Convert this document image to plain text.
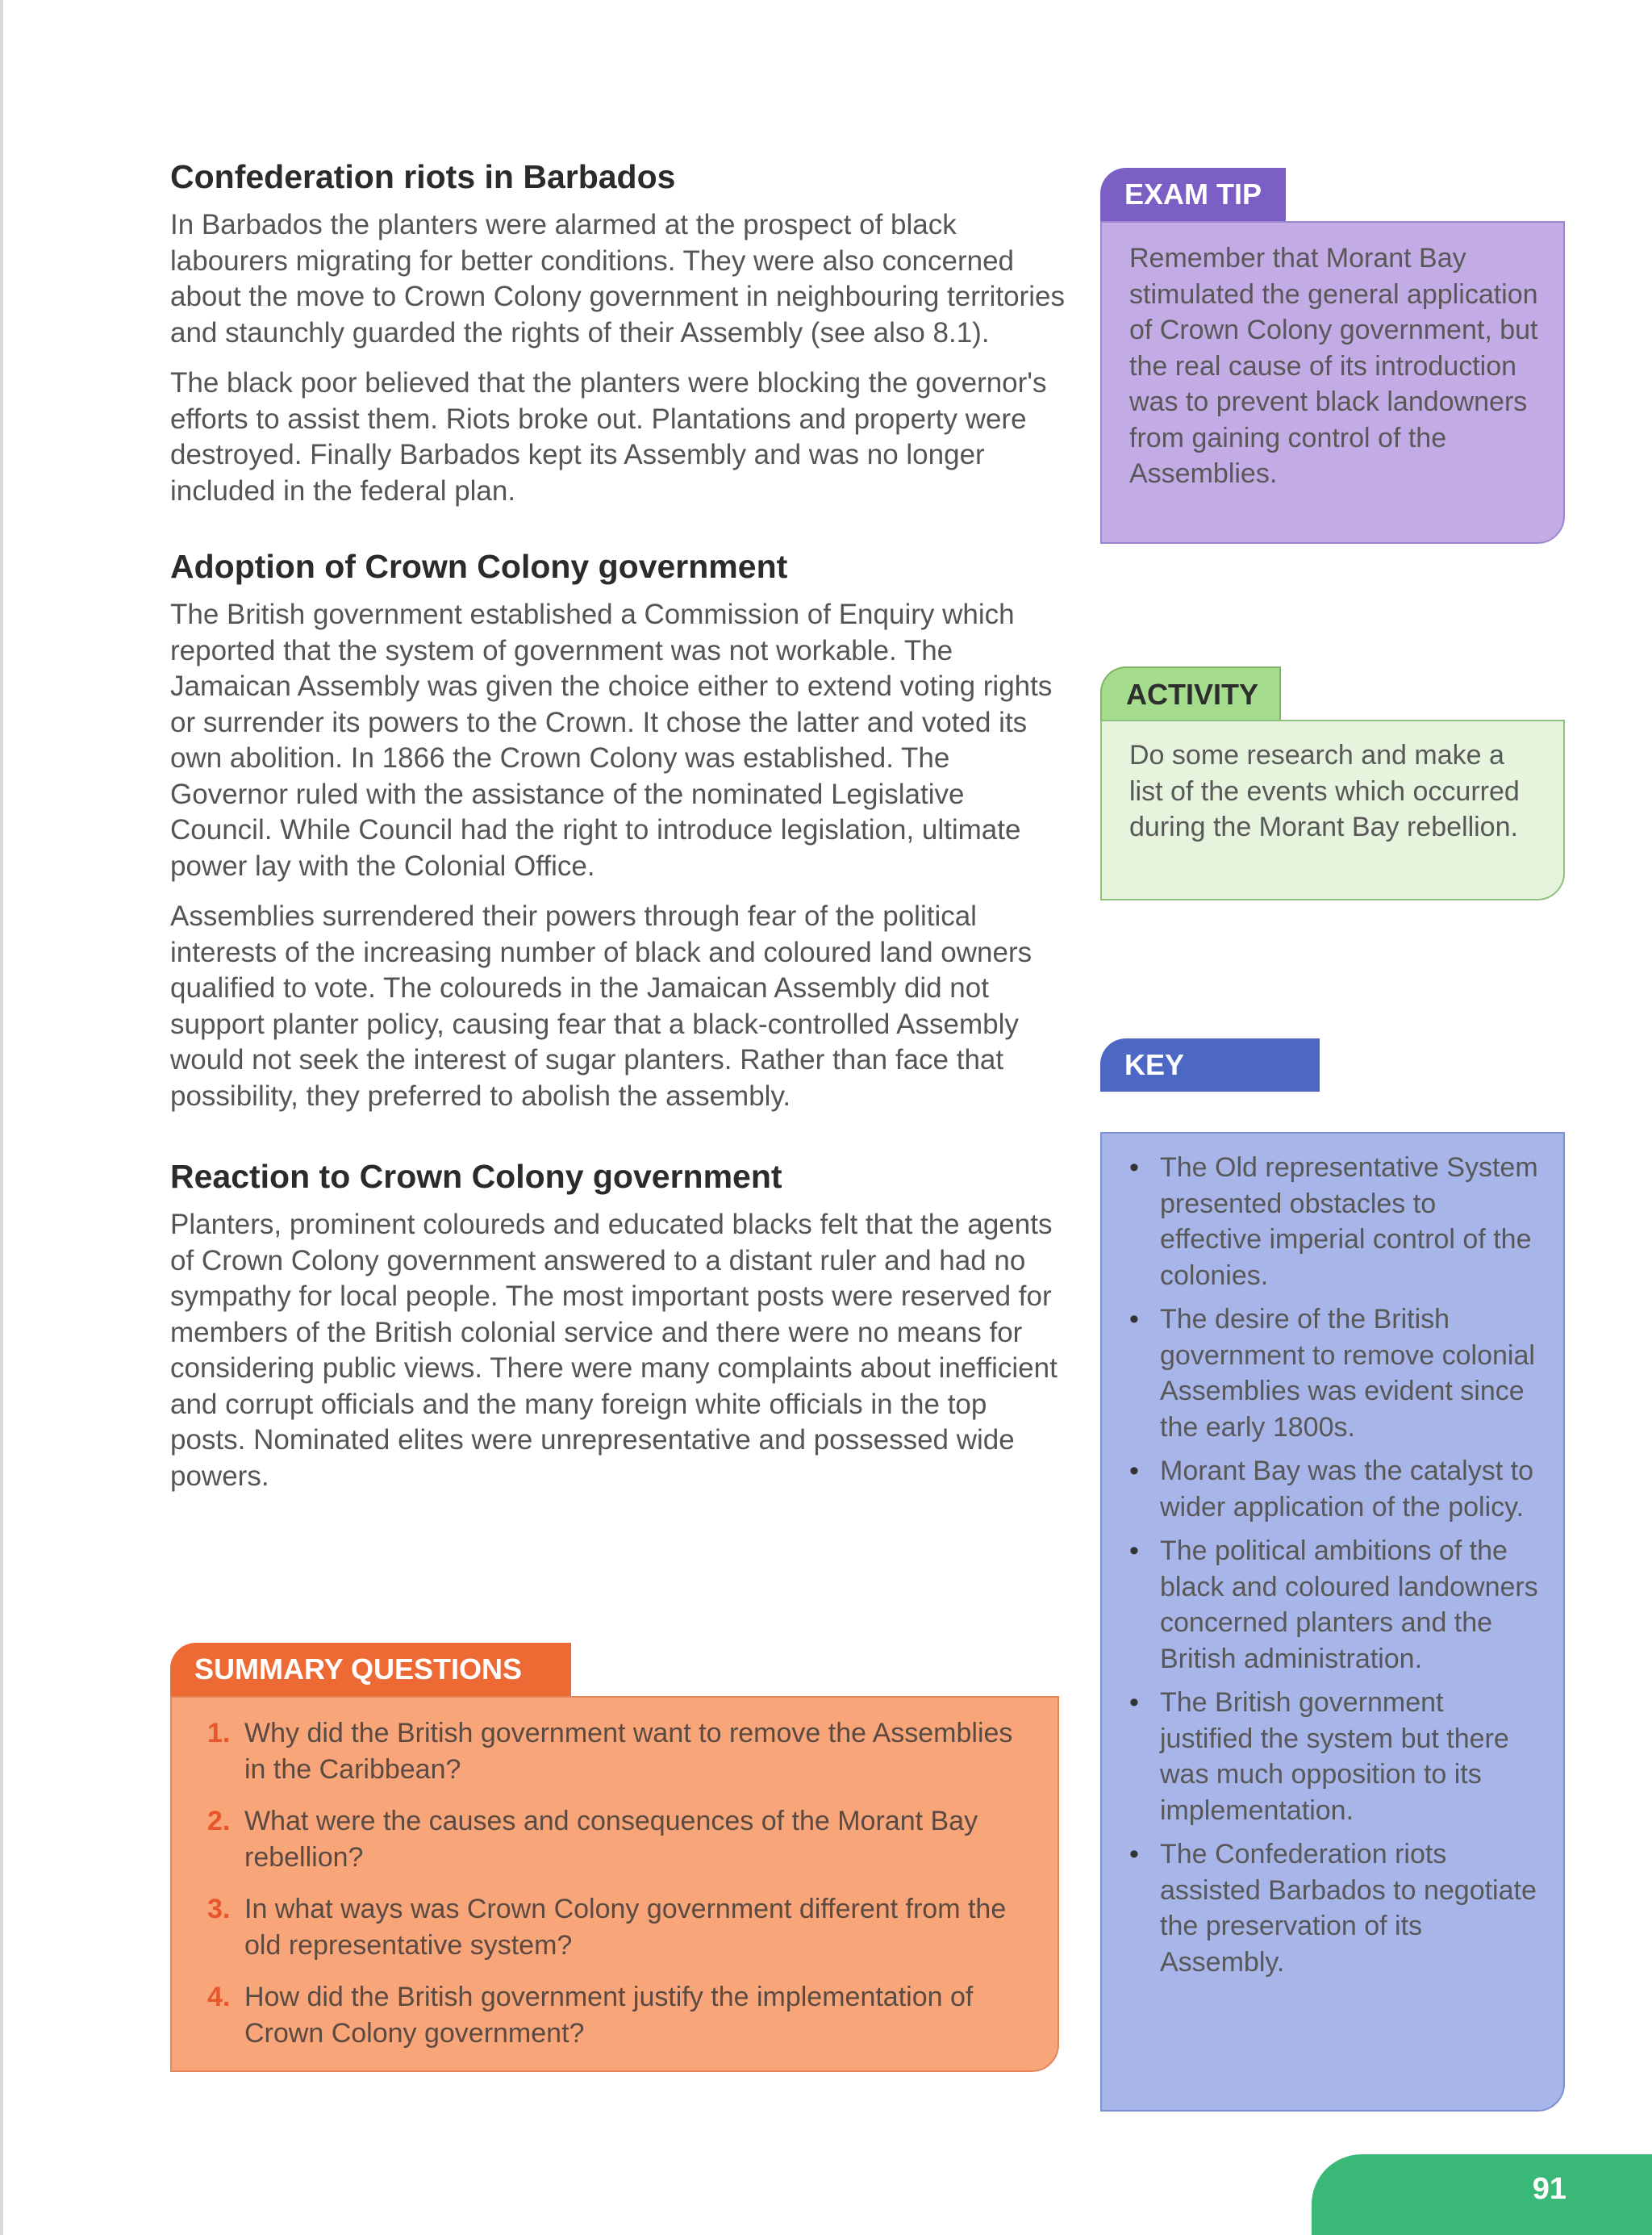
Confederation riots in Barbados

In Barbados the planters were alarmed at the prospect of black labourers migrating for better conditions. They were also concerned about the move to Crown Colony government in neighbouring territories and staunchly guarded the rights of their Assembly (see also 8.1).

The black poor believed that the planters were blocking the governor's efforts to assist them. Riots broke out. Plantations and property were destroyed. Finally Barbados kept its Assembly and was no longer included in the federal plan.

Adoption of Crown Colony government

The British government established a Commission of Enquiry which reported that the system of government was not workable. The Jamaican Assembly was given the choice either to extend voting rights or surrender its powers to the Crown. It chose the latter and voted its own abolition. In 1866 the Crown Colony was established. The Governor ruled with the assistance of the nominated Legislative Council. While Council had the right to introduce legislation, ultimate power lay with the Colonial Office.

Assemblies surrendered their powers through fear of the political interests of the increasing number of black and coloured land owners qualified to vote. The coloureds in the Jamaican Assembly did not support planter policy, causing fear that a black-controlled Assembly would not seek the interest of sugar planters. Rather than face that possibility, they preferred to abolish the assembly.

Reaction to Crown Colony government

Planters, prominent coloureds and educated blacks felt that the agents of Crown Colony government answered to a distant ruler and had no sympathy for local people. The most important posts were reserved for members of the British colonial service and there were no means for considering public views. There were many complaints about inefficient and corrupt officials and the many foreign white officials in the top posts. Nominated elites were unrepresentative and possessed wide powers.

SUMMARY QUESTIONS
1. Why did the British government want to remove the Assemblies in the Caribbean?
2. What were the causes and consequences of the Morant Bay rebellion?
3. In what ways was Crown Colony government different from the old representative system?
4. How did the British government justify the implementation of Crown Colony government?
EXAM TIP
Remember that Morant Bay stimulated the general application of Crown Colony government, but the real cause of its introduction was to prevent black landowners from gaining control of the Assemblies.
ACTIVITY
Do some research and make a list of the events which occurred during the Morant Bay rebellion.
KEY POINTS
• The Old representative System presented obstacles to effective imperial control of the colonies.
• The desire of the British government to remove colonial Assemblies was evident since the early 1800s.
• Morant Bay was the catalyst to wider application of the policy.
• The political ambitions of the black and coloured landowners concerned planters and the British administration.
• The British government justified the system but there was much opposition to its implementation.
• The Confederation riots assisted Barbados to negotiate the preservation of its Assembly.
91
